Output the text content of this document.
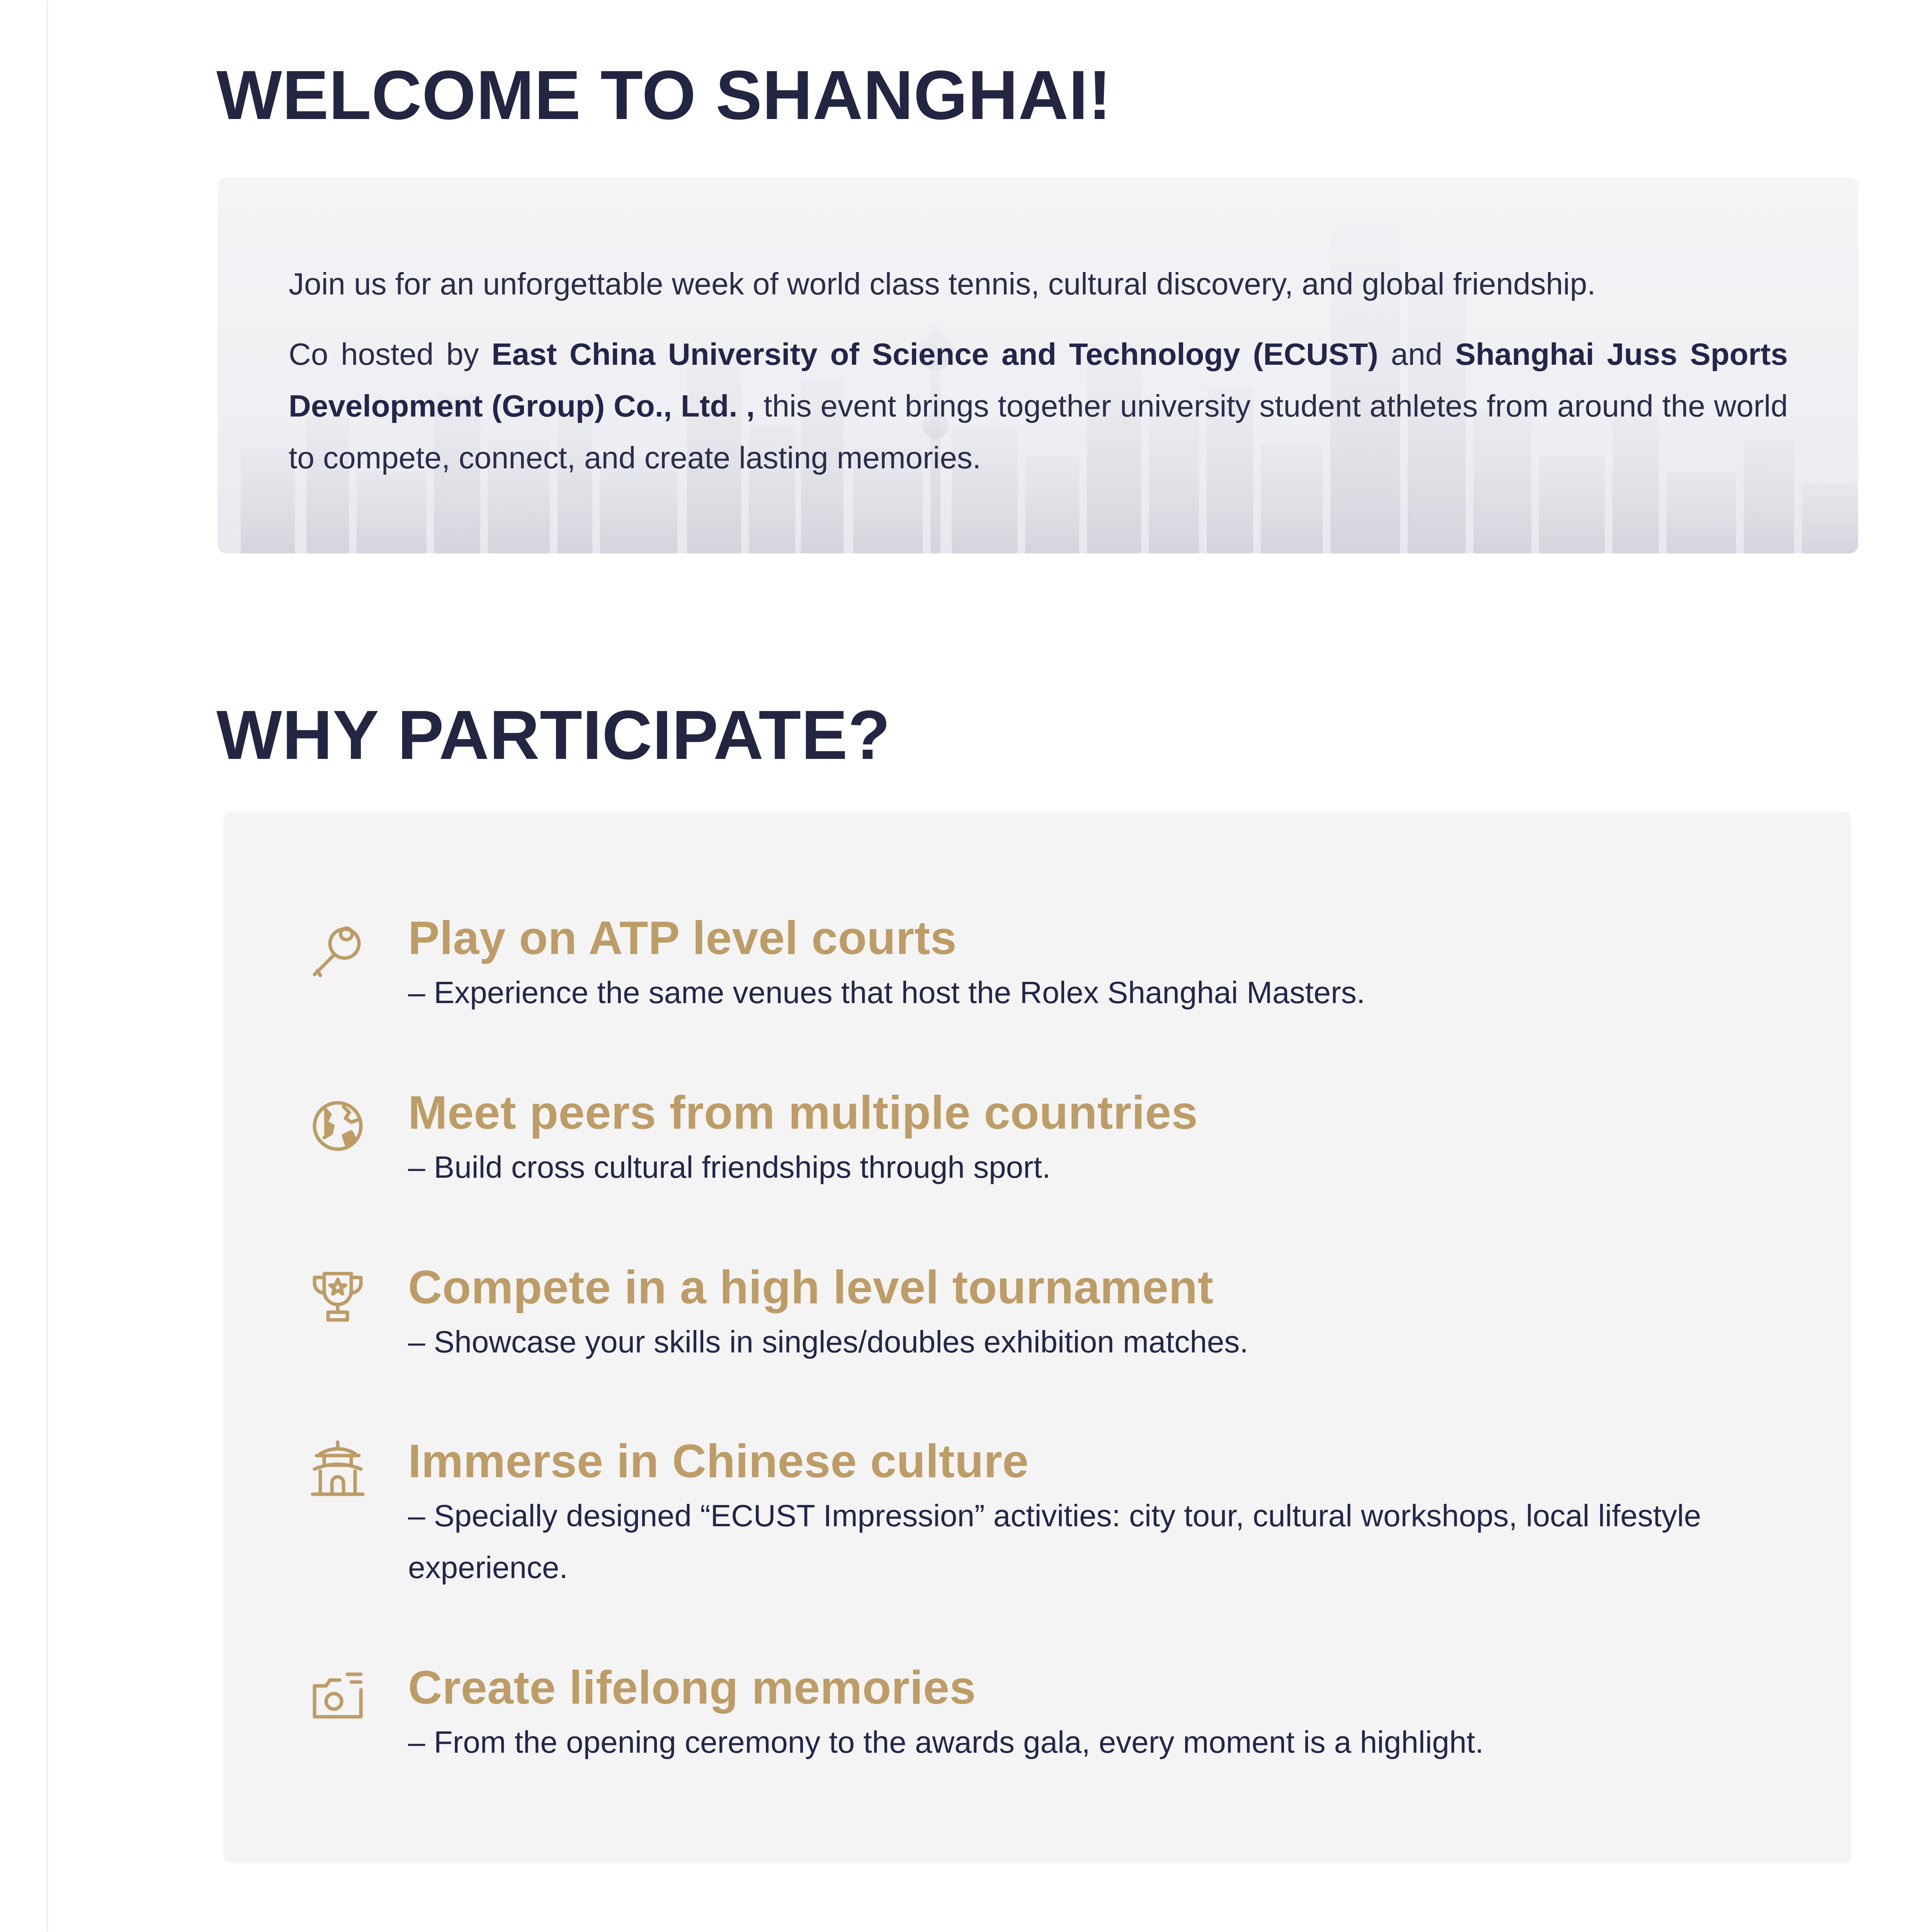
WELCOME TO SHANGHAI!

Join us for an unforgettable week of world class tennis, cultural discovery, and global friendship.

Co hosted by East China University of Science and Technology (ECUST) and Shanghai Juss Sports Development (Group) Co., Ltd. , this event brings together university student athletes from around the world to compete, connect, and create lasting memories.

WHY PARTICIPATE?
Play on ATP level courts
– Experience the same venues that host the Rolex Shanghai Masters.
Meet peers from multiple countries
– Build cross cultural friendships through sport.
Compete in a high level tournament
– Showcase your skills in singles/doubles exhibition matches.
Immerse in Chinese culture
– Specially designed “ECUST Impression” activities: city tour, cultural workshops, local lifestyle experience.
Create lifelong memories
– From the opening ceremony to the awards gala, every moment is a highlight.
